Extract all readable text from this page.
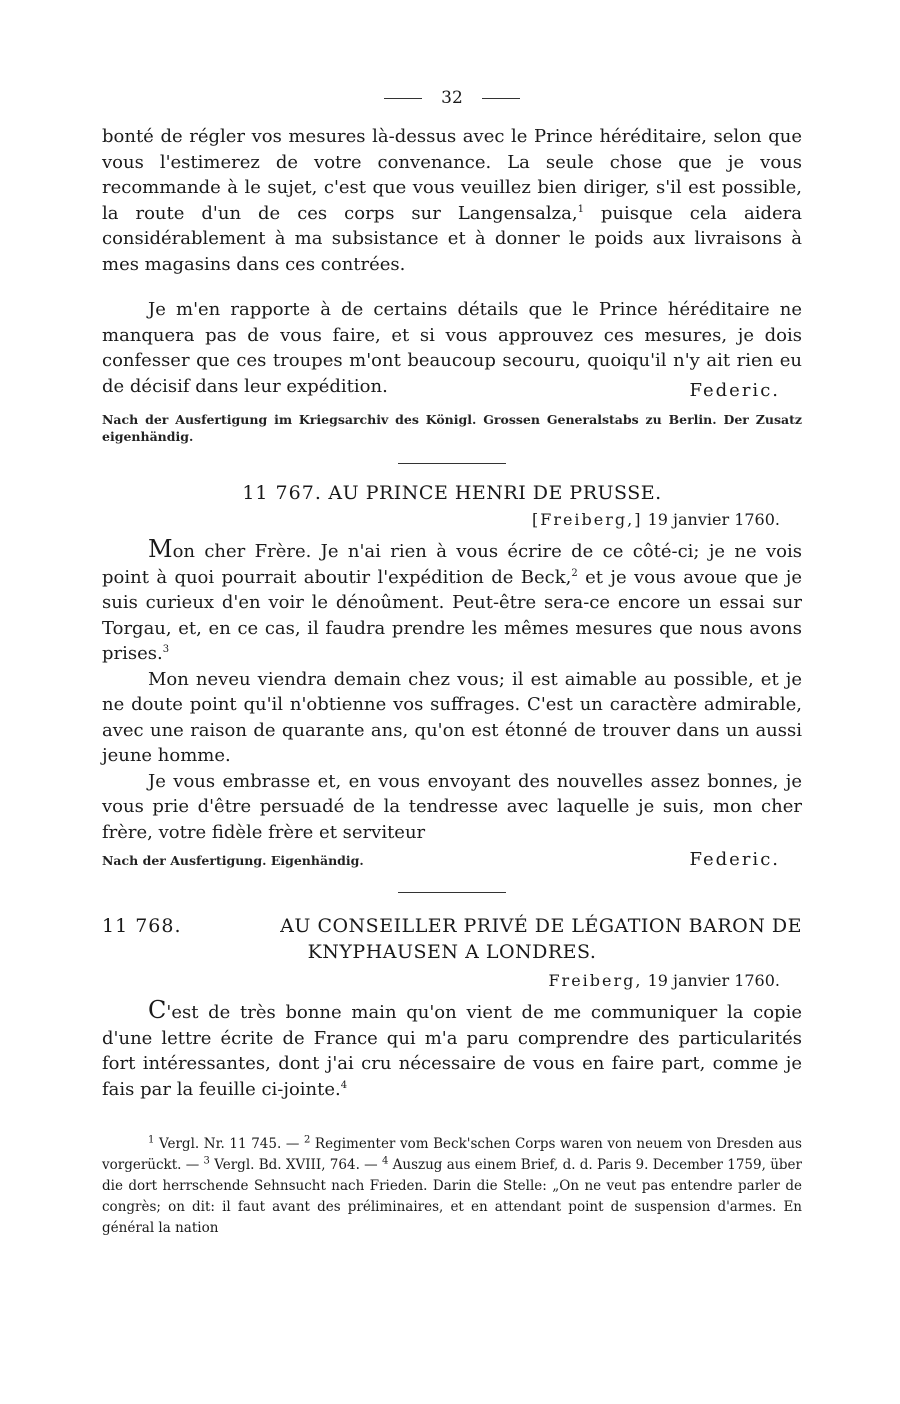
32

bonté de régler vos mesures là-dessus avec le Prince héréditaire, selon que vous l'estimerez de votre convenance. La seule chose que je vous recommande à le sujet, c'est que vous veuillez bien diriger, s'il est possible, la route d'un de ces corps sur Langensalza,$^1$ puisque cela aidera considérablement à ma subsistance et à donner le poids aux livraisons à mes magasins dans ces contrées.

Je m'en rapporte à de certains détails que le Prince héréditaire ne manquera pas de vous faire, et si vous approuvez ces mesures, je dois confesser que ces troupes m'ont beaucoup secouru, quoiqu'il n'y ait rien eu de décisif dans leur expédition.	Federic.

Nach der Ausfertigung im Kriegsarchiv des Königl. Grossen Generalstabs zu Berlin. Der Zusatz eigenhändig.
11 767. AU PRINCE HENRI DE PRUSSE.
[Freiberg,] 19 janvier 1760.

Mon cher Frère. Je n'ai rien à vous écrire de ce côté-ci; je ne vois point à quoi pourrait aboutir l'expédition de Beck,$^2$ et je vous avoue que je suis curieux d'en voir le dénoûment. Peut-être sera-ce encore un essai sur Torgau, et, en ce cas, il faudra prendre les mêmes mesures que nous avons prises.$^3$

Mon neveu viendra demain chez vous; il est aimable au possible, et je ne doute point qu'il n'obtienne vos suffrages. C'est un caractère admirable, avec une raison de quarante ans, qu'on est étonné de trouver dans un aussi jeune homme.

Je vous embrasse et, en vous envoyant des nouvelles assez bonnes, je vous prie d'être persuadé de la tendresse avec laquelle je suis, mon cher frère, votre fidèle frère et serviteur

Nach der Ausfertigung. Eigenhändig.	Federic.
11 768.	AU CONSEILLER PRIVÉ DE LÉGATION BARON DE
KNYPHAUSEN A LONDRES.
Freiberg, 19 janvier 1760.

C'est de très bonne main qu'on vient de me communiquer la copie d'une lettre écrite de France qui m'a paru comprendre des particularités fort intéressantes, dont j'ai cru nécessaire de vous en faire part, comme je fais par la feuille ci-jointe.$^4$

$^1$ Vergl. Nr. 11 745. — $^2$ Regimenter vom Beck'schen Corps waren von neuem von Dresden aus vorgerückt. — $^3$ Vergl. Bd. XVIII, 764. — $^4$ Auszug aus einem Brief, d. d. Paris 9. December 1759, über die dort herrschende Sehnsucht nach Frieden. Darin die Stelle: „On ne veut pas entendre parler de congrès; on dit: il faut avant des préliminaires, et en attendant point de suspension d'armes. En général la nation
